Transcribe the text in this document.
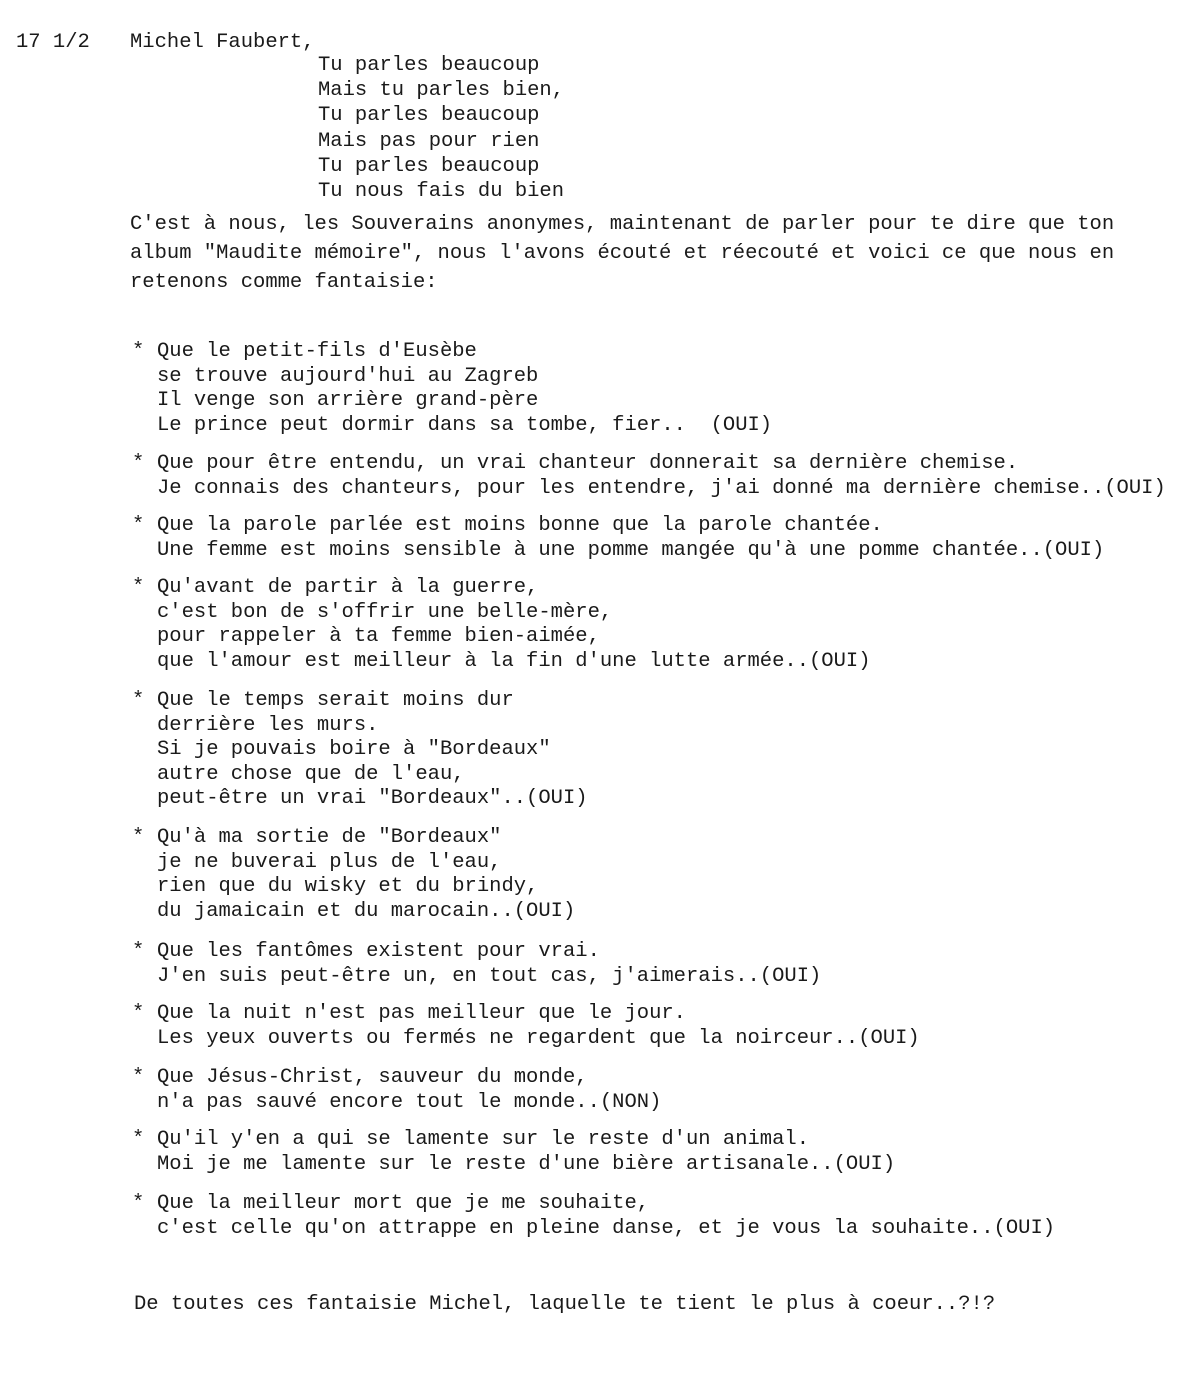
17 1/2 Michel Faubert,
Tu parles beaucoup
Mais tu parles bien,
Tu parles beaucoup
Mais pas pour rien
Tu parles beaucoup
Tu nous fais du bien
C'est à nous, les Souverains anonymes, maintenant de parler pour te dire que ton
album "Maudite mémoire", nous l'avons écouté et réecouté et voici ce que nous en
retenons comme fantaisie:
* Que le petit-fils d'Eusèbe
se trouve aujourd'hui au Zagreb
Il venge son arrière grand-père
Le prince peut dormir dans sa tombe, fier..  (OUI)
* Que pour être entendu, un vrai chanteur donnerait sa dernière chemise.
Je connais des chanteurs, pour les entendre, j'ai donné ma dernière chemise..(OUI)
* Que la parole parlée est moins bonne que la parole chantée.
Une femme est moins sensible à une pomme mangée qu'à une pomme chantée..(OUI)
* Qu'avant de partir à la guerre,
c'est bon de s'offrir une belle-mère,
pour rappeler à ta femme bien-aimée,
que l'amour est meilleur à la fin d'une lutte armée..(OUI)
* Que le temps serait moins dur
derrière les murs.
Si je pouvais boire à "Bordeaux"
autre chose que de l'eau,
peut-être un vrai "Bordeaux"..(OUI)
* Qu'à ma sortie de "Bordeaux"
je ne buverai plus de l'eau,
rien que du wisky et du brindy,
du jamaicain et du marocain..(OUI)
* Que les fantômes existent pour vrai.
J'en suis peut-être un, en tout cas, j'aimerais..(OUI)
* Que la nuit n'est pas meilleur que le jour.
Les yeux ouverts ou fermés ne regardent que la noirceur..(OUI)
* Que Jésus-Christ, sauveur du monde,
n'a pas sauvé encore tout le monde..(NON)
* Qu'il y'en a qui se lamente sur le reste d'un animal.
Moi je me lamente sur le reste d'une bière artisanale..(OUI)
* Que la meilleur mort que je me souhaite,
c'est celle qu'on attrappe en pleine danse, et je vous la souhaite..(OUI)
De toutes ces fantaisie Michel, laquelle te tient le plus à coeur..?!?
